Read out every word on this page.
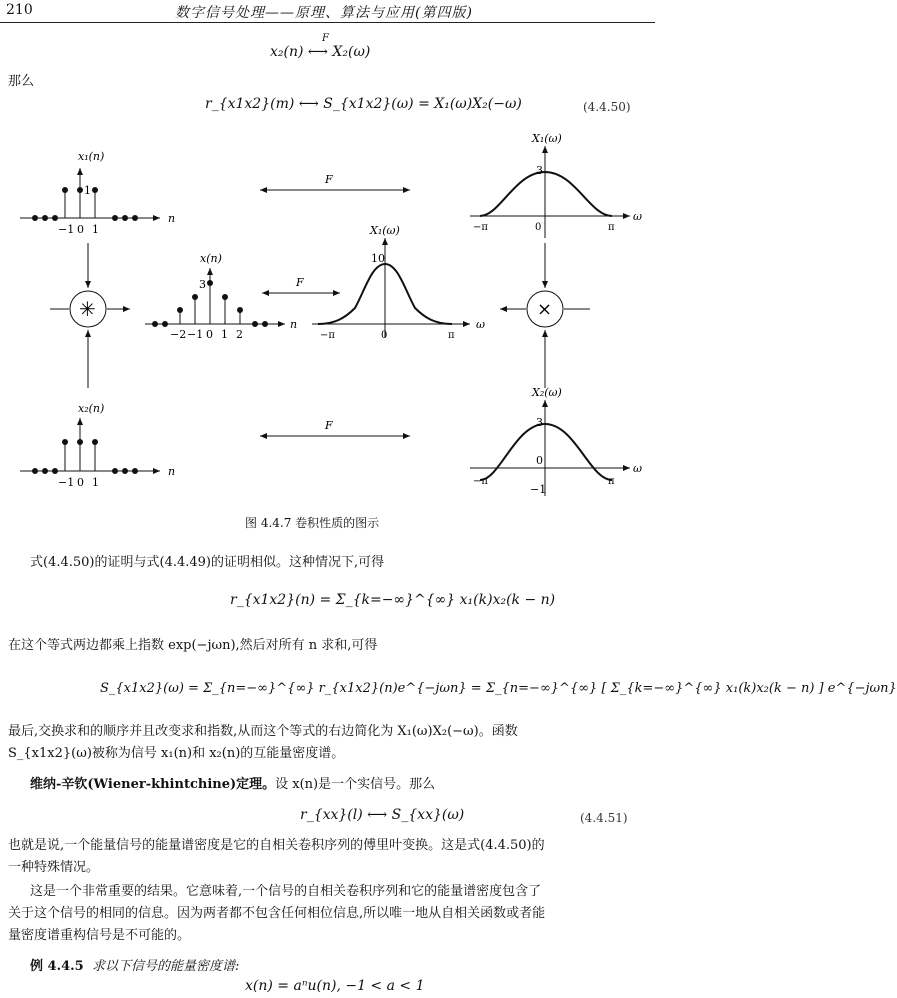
210	数字信号处理——原理、算法与应用(第四版)
x₂(n) ⟷ X₂(ω)
F
那么
r_{x1x2}(m) ⟷ S_{x1x2}(ω) = X₁(ω)X₂(−ω)	(4.4.50)
x₁(n)
1
−1 0 1
n
F
X₁(ω)
3
−π	0	π
ω
✳	×
x(n)
3
−2 −1 0 1 2
n
F
X₁(ω)
10
−π	0	π
ω
x₂(n)
−1 0 1
n
F
X₂(ω)
3
0
−1
−π	π
ω
图 4.4.7 卷积性质的图示
式(4.4.50)的证明与式(4.4.49)的证明相似。这种情况下,可得
r_{x1x2}(n) = Σ_{k=−∞}^{∞} x₁(k)x₂(k − n)
在这个等式两边都乘上指数 exp(−jωn),然后对所有 n 求和,可得
S_{x1x2}(ω) = Σ_{n=−∞}^{∞} r_{x1x2}(n)e^{−jωn} = Σ_{n=−∞}^{∞} [ Σ_{k=−∞}^{∞} x₁(k)x₂(k − n) ] e^{−jωn}
最后,交换求和的顺序并且改变求和指数,从而这个等式的右边简化为 X₁(ω)X₂(−ω)。函数
S_{x1x2}(ω)被称为信号 x₁(n)和 x₂(n)的互能量密度谱。
维纳-辛钦(Wiener-khintchine)定理。设 x(n)是一个实信号。那么
r_{xx}(l) ⟷ S_{xx}(ω)	(4.4.51)
也就是说,一个能量信号的能量谱密度是它的自相关卷积序列的傅里叶变换。这是式(4.4.50)的
一种特殊情况。
这是一个非常重要的结果。它意味着,一个信号的自相关卷积序列和它的能量谱密度包含了
关于这个信号的相同的信息。因为两者都不包含任何相位信息,所以唯一地从自相关函数或者能
量密度谱重构信号是不可能的。
例 4.4.5 求以下信号的能量密度谱:
x(n) = aⁿu(n), −1 < a < 1
